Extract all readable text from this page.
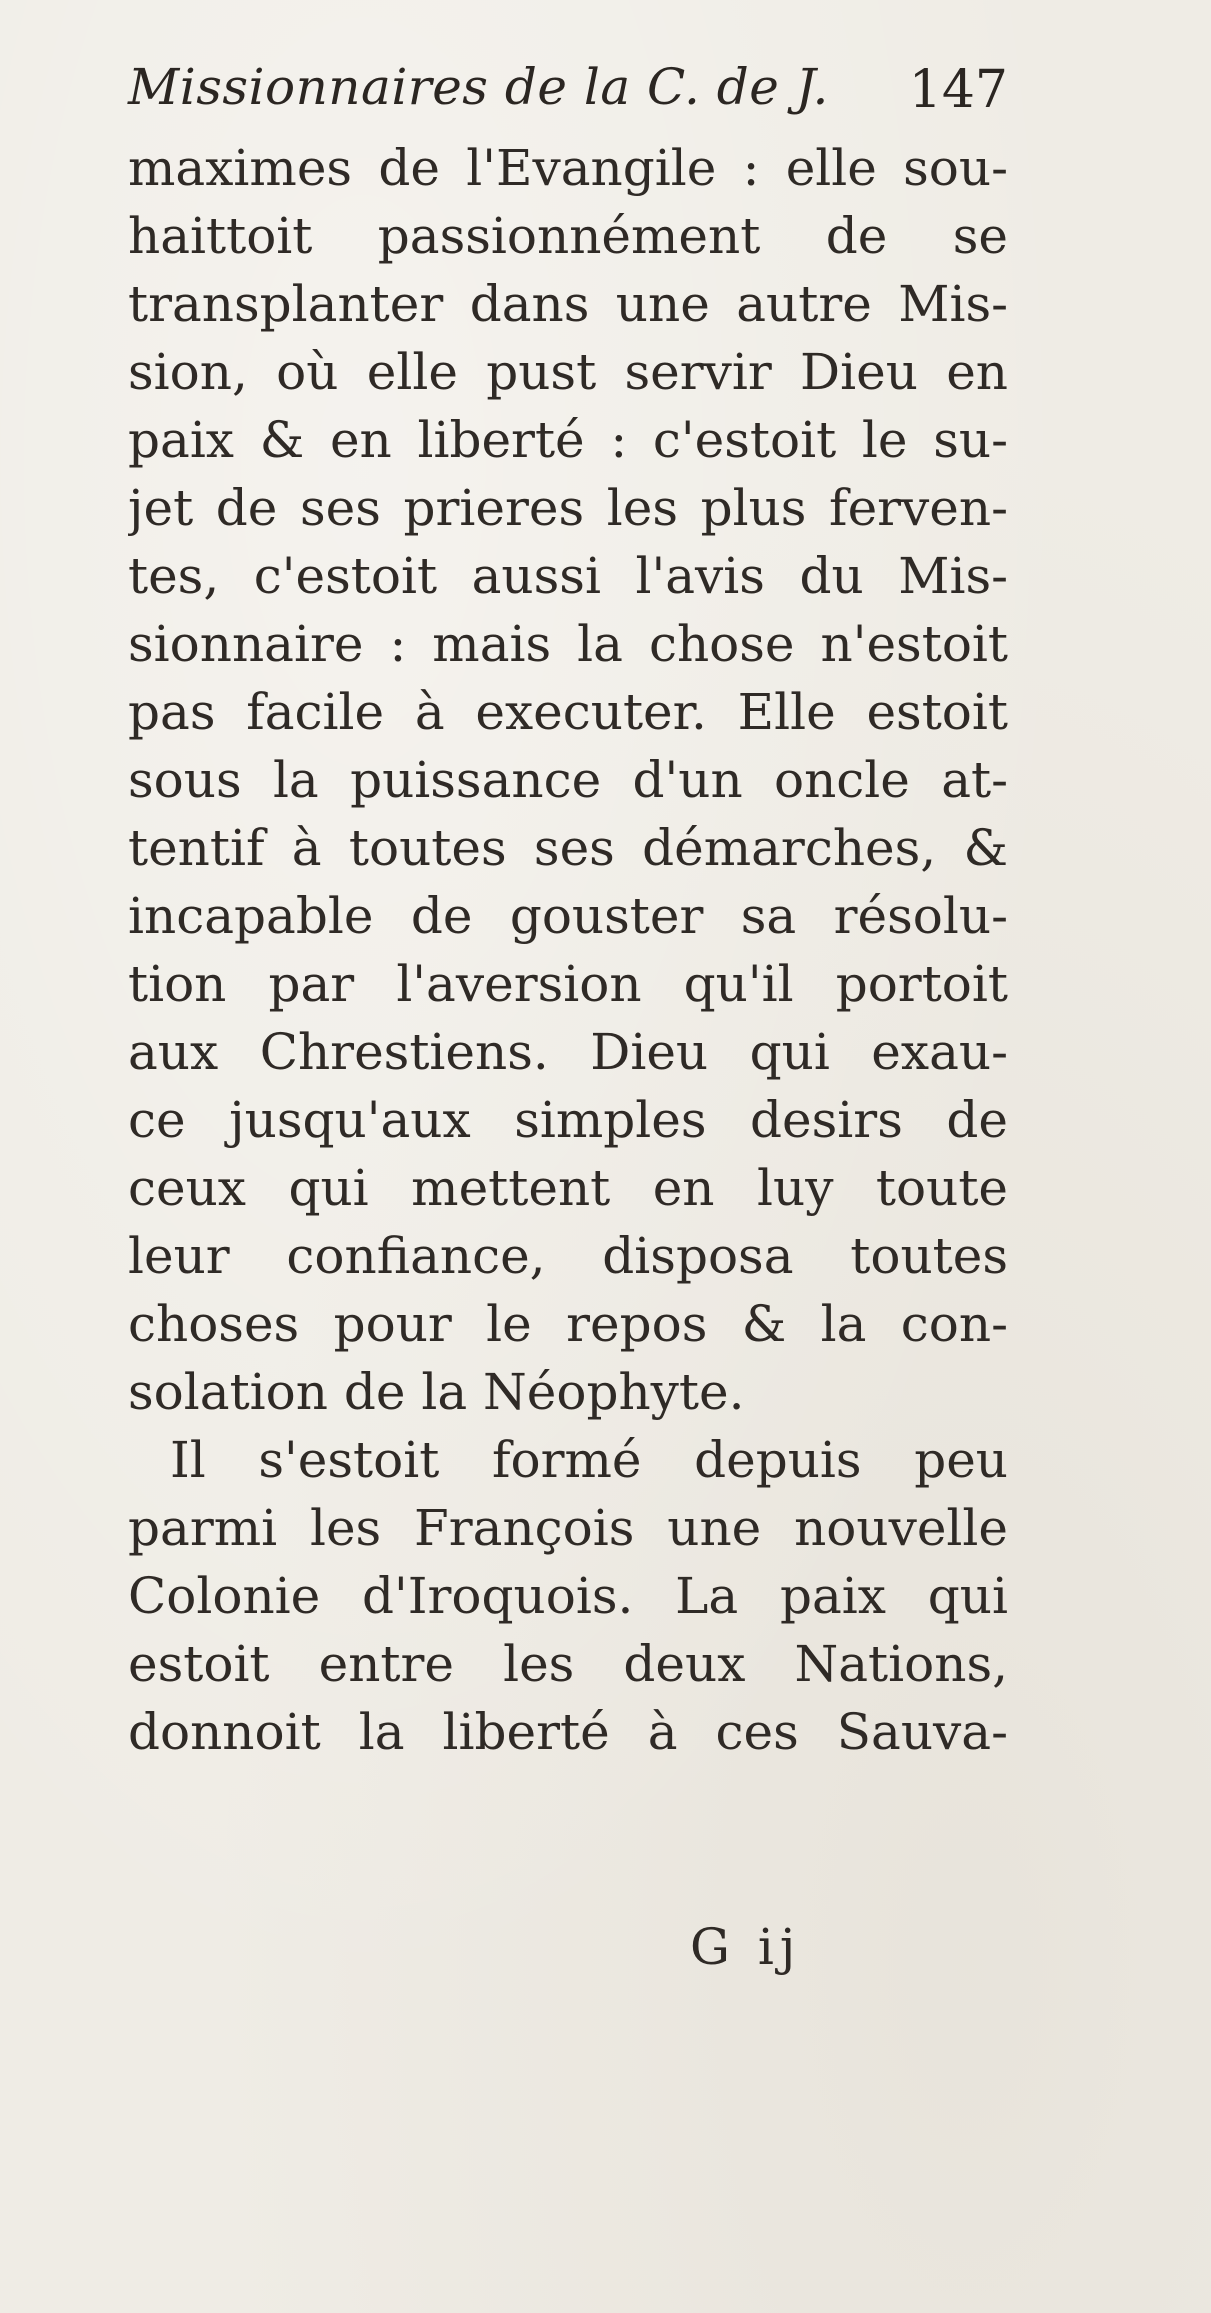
Missionnaires de la C. de J. 147
maximes de l'Evangile : elle sou-
haittoit passionnément de se
transplanter dans une autre Mis-
sion, où elle pust servir Dieu en
paix & en liberté : c'estoit le su-
jet de ses prieres les plus ferven-
tes, c'estoit aussi l'avis du Mis-
sionnaire : mais la chose n'estoit
pas facile à executer. Elle estoit
sous la puissance d'un oncle at-
tentif à toutes ses démarches, &
incapable de gouster sa résolu-
tion par l'aversion qu'il portoit
aux Chrestiens. Dieu qui exau-
ce jusqu'aux simples desirs de
ceux qui mettent en luy toute
leur confiance, disposa toutes
choses pour le repos & la con-
solation de la Néophyte.
Il s'estoit formé depuis peu
parmi les François une nouvelle
Colonie d'Iroquois. La paix qui
estoit entre les deux Nations,
donnoit la liberté à ces Sauva-
G ij
